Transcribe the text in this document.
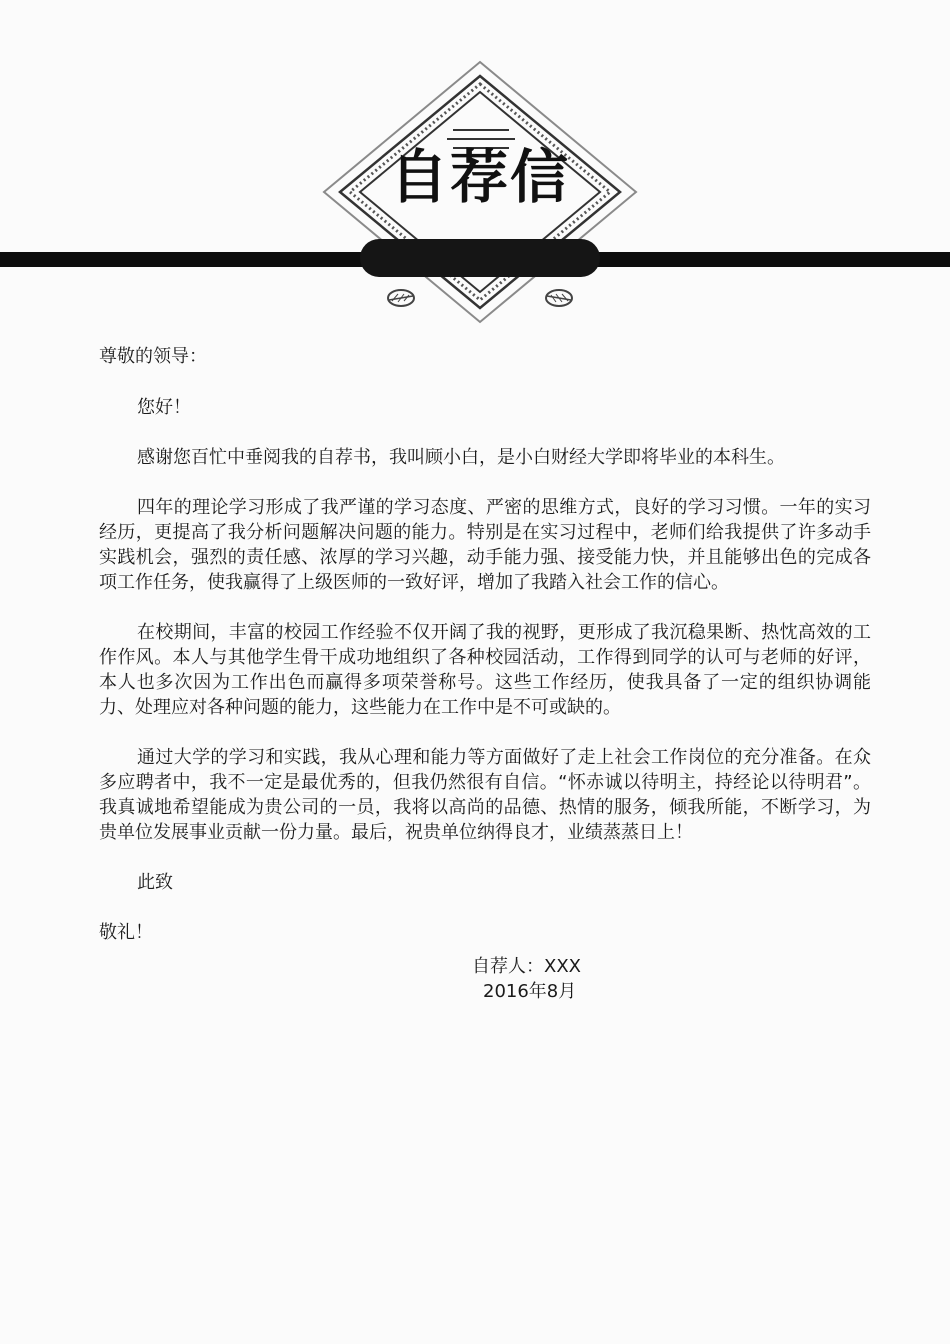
自荐信

尊敬的领导：

您好！

感谢您百忙中垂阅我的自荐书，我叫顾小白，是小白财经大学即将毕业的本科生。

四年的理论学习形成了我严谨的学习态度、严密的思维方式，良好的学习习惯。一年的实习经历，更提高了我分析问题解决问题的能力。特别是在实习过程中，老师们给我提供了许多动手实践机会，强烈的责任感、浓厚的学习兴趣，动手能力强、接受能力快，并且能够出色的完成各项工作任务，使我赢得了上级医师的一致好评，增加了我踏入社会工作的信心。

在校期间，丰富的校园工作经验不仅开阔了我的视野，更形成了我沉稳果断、热忱高效的工作作风。本人与其他学生骨干成功地组织了各种校园活动，工作得到同学的认可与老师的好评，本人也多次因为工作出色而赢得多项荣誉称号。这些工作经历，使我具备了一定的组织协调能力、处理应对各种问题的能力，这些能力在工作中是不可或缺的。

通过大学的学习和实践，我从心理和能力等方面做好了走上社会工作岗位的充分准备。在众多应聘者中，我不一定是最优秀的，但我仍然很有自信。“怀赤诚以待明主，持经论以待明君”。我真诚地希望能成为贵公司的一员，我将以高尚的品德、热情的服务，倾我所能，不断学习，为贵单位发展事业贡献一份力量。最后，祝贵单位纳得良才，业绩蒸蒸日上！

此致

敬礼！

自荐人：XXX

2016年8月
